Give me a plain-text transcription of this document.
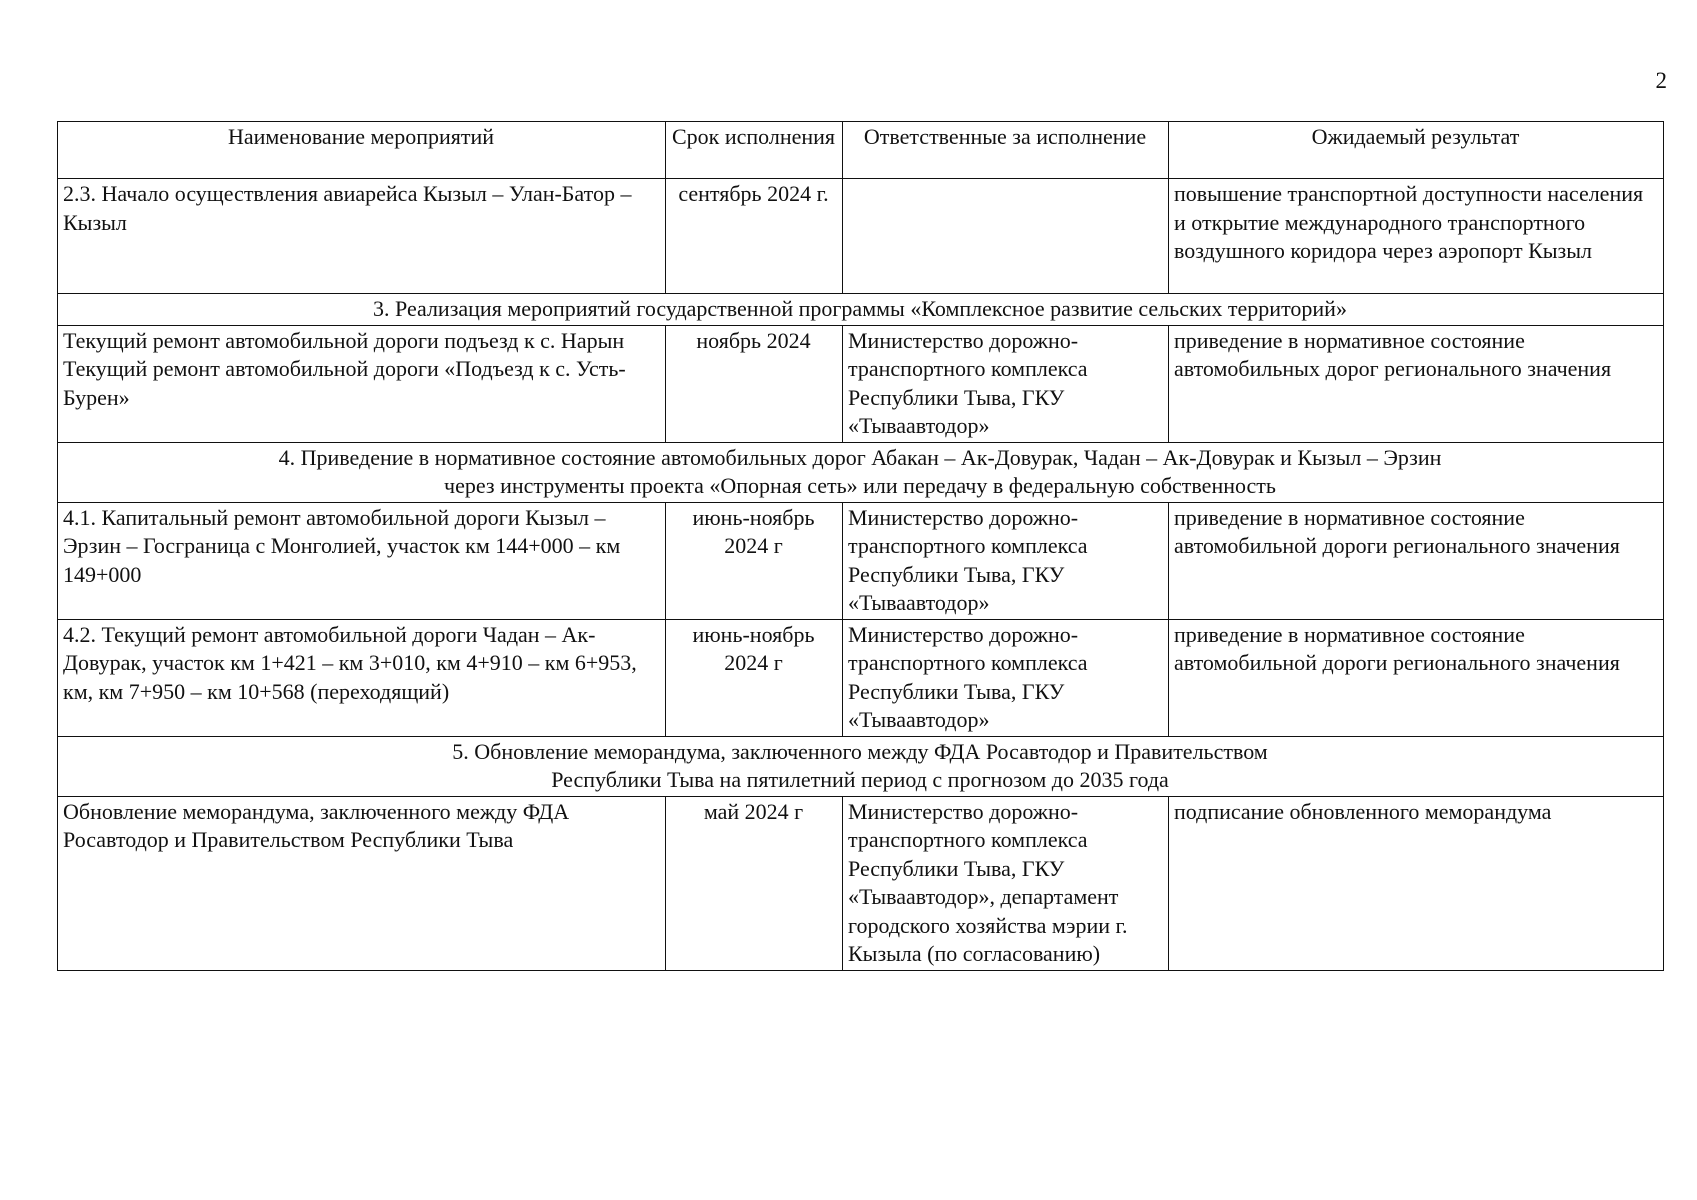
2
Наименование мероприятий	Срок исполнения	Ответственные за исполнение	Ожидаемый результат
2.3. Начало осуществления авиарейса Кызыл – Улан-Батор – Кызыл	сентябрь 2024 г.		повышение транспортной доступности населения и открытие международного транспортного воздушного коридора через аэропорт Кызыл
3. Реализация мероприятий государственной программы «Комплексное развитие сельских территорий»			
Текущий ремонт автомобильной дороги подъезд к с. Нарын Текущий ремонт автомобильной дороги «Подъезд к с. Усть-Бурен»	ноябрь 2024	Министерство дорожно-транспортного комплекса Республики Тыва, ГКУ «Тываавтодор»	приведение в нормативное состояние автомобильных дорог регионального значения

4. Приведение в нормативное состояние автомобильных дорог Абакан – Ак-Довурак, Чадан – Ак-Довурак и Кызыл – Эрзин
через инструменты проекта «Опорная сеть» или передачу в федеральную собственность			

4.1. Капитальный ремонт автомобильной дороги Кызыл – Эрзин – Госграница с Монголией, участок км 144+000 – км 149+000	июнь-ноябрь 2024 г	Министерство дорожно-транспортного комплекса Республики Тыва, ГКУ «Тываавтодор»	приведение в нормативное состояние автомобильной дороги регионального значения
4.2. Текущий ремонт автомобильной дороги Чадан – Ак-Довурак, участок км 1+421 – км 3+010, км 4+910 – км 6+953, км, км 7+950 – км 10+568 (переходящий)	июнь-ноябрь 2024 г	Министерство дорожно-транспортного комплекса Республики Тыва, ГКУ «Тываавтодор»	приведение в нормативное состояние автомобильной дороги регионального значения

5. Обновление меморандума, заключенного между ФДА Росавтодор и Правительством
Республики Тыва на пятилетний период с прогнозом до 2035 года			

Обновление меморандума, заключенного между ФДА Росавтодор и Правительством Республики Тыва	май 2024 г	Министерство дорожно-транспортного комплекса Республики Тыва, ГКУ «Тываавтодор», департамент городского хозяйства мэрии г. Кызыла (по согласованию)	подписание обновленного меморандума
